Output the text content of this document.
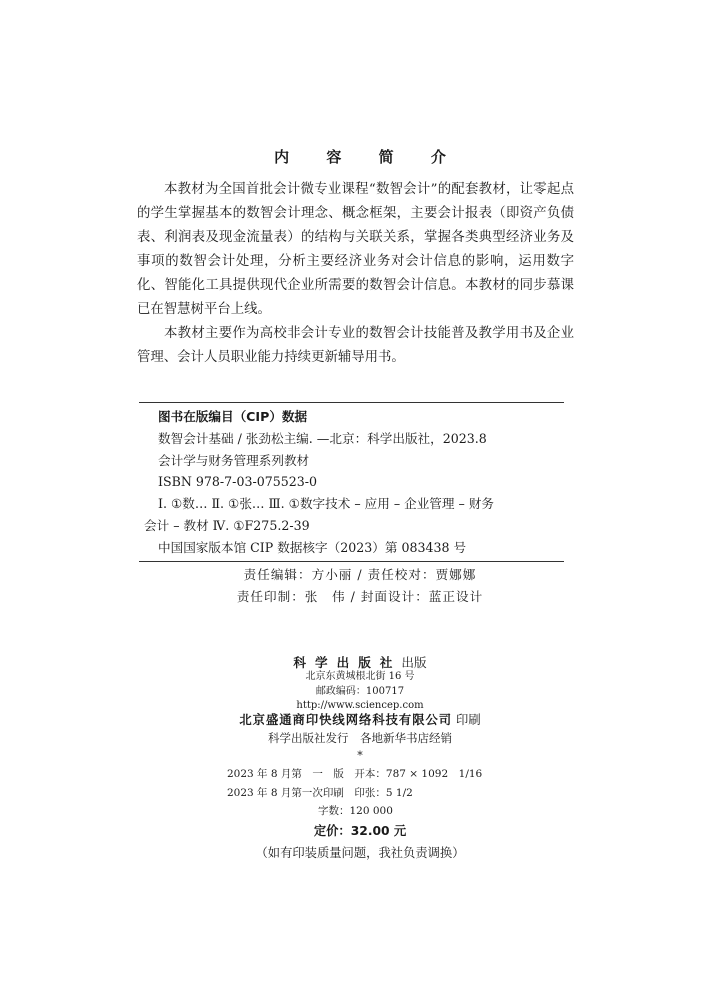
内 容 简 介

本教材为全国首批会计微专业课程“数智会计”的配套教材，让零起点的学生掌握基本的数智会计理念、概念框架，主要会计报表（即资产负债表、利润表及现金流量表）的结构与关联关系，掌握各类典型经济业务及事项的数智会计处理，分析主要经济业务对会计信息的影响，运用数字化、智能化工具提供现代企业所需要的数智会计信息。本教材的同步慕课已在智慧树平台上线。

本教材主要作为高校非会计专业的数智会计技能普及教学用书及企业管理、会计人员职业能力持续更新辅导用书。

图书在版编目（CIP）数据
数智会计基础 / 张劲松主编. —北京：科学出版社，2023.8
会计学与财务管理系列教材
ISBN 978-7-03-075523-0
Ⅰ. ①数… Ⅱ. ①张… Ⅲ. ①数字技术 – 应用 – 企业管理 – 财务
会计 – 教材 Ⅳ. ①F275.2-39
中国国家版本馆 CIP 数据核字（2023）第 083438 号
责任编辑：方小丽 / 责任校对：贾娜娜
责任印制：张　伟 / 封面设计：蓝正设计
科学出版社出版
北京东黄城根北街 16 号
邮政编码：100717
http://www.sciencep.com
北京盛通商印快线网络科技有限公司 印刷
科学出版社发行　各地新华书店经销
*
2023 年 8 月第　一　版　开本：787 × 1092　1/16
2023 年 8 月第一次印刷　印张：5 1/2
字数：120 000
定价：32.00 元
（如有印装质量问题，我社负责调换）
